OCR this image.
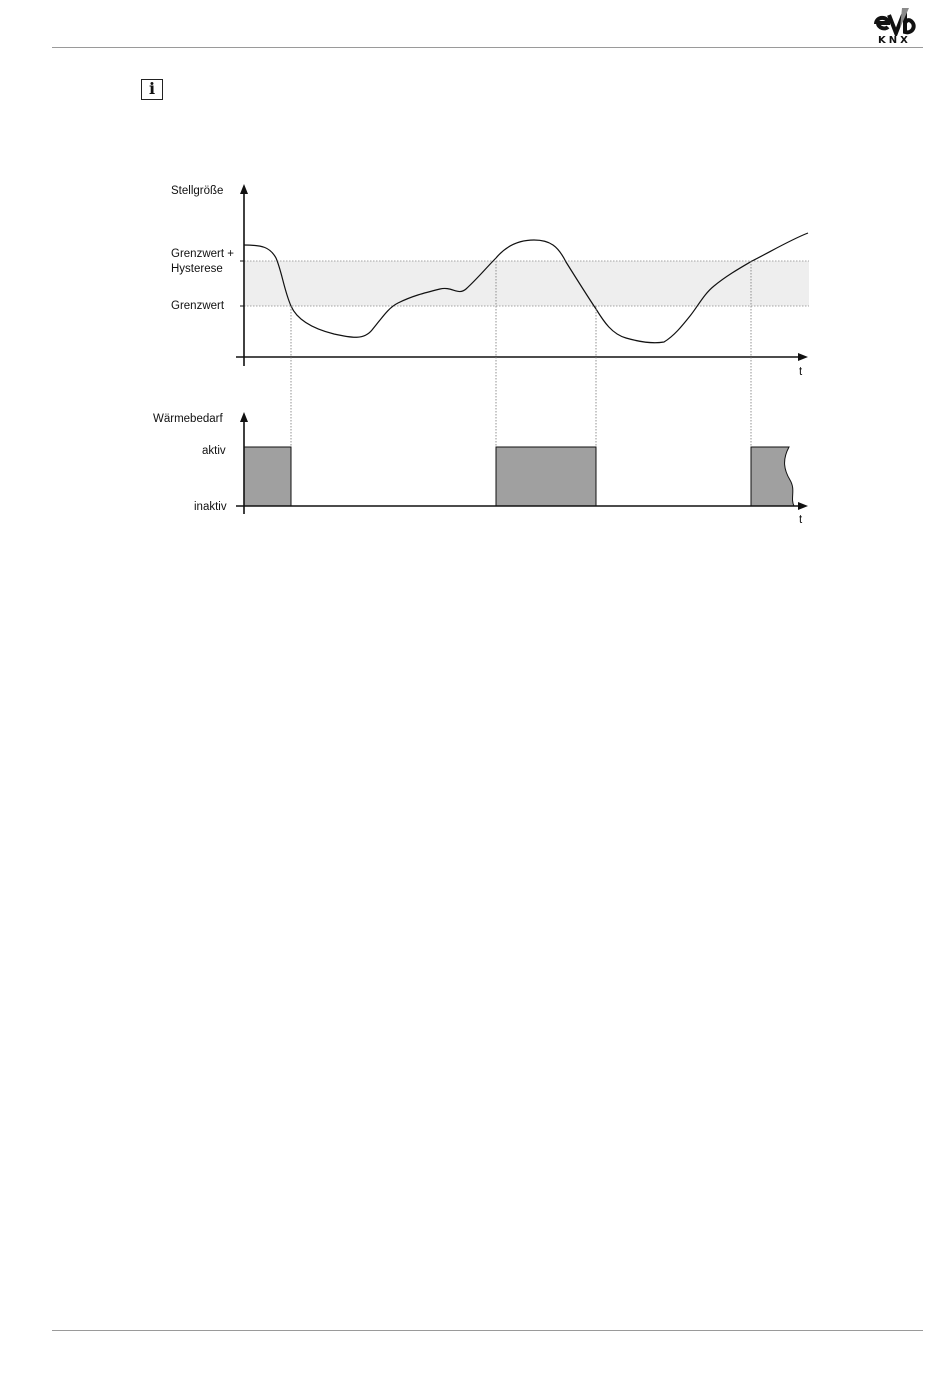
KNX
i
Stellgröße
Grenzwert +
Hysterese
Grenzwert
t
Wärmebedarf
aktiv
inaktiv
t
